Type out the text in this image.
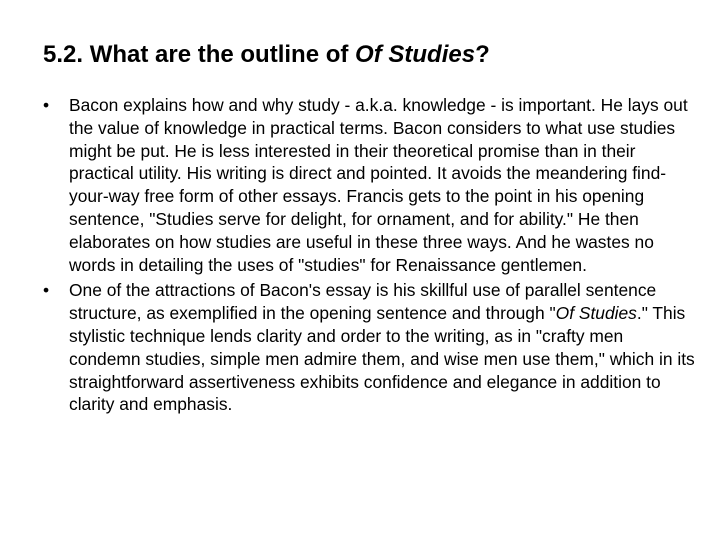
5.2. What are the outline of Of Studies?
•	Bacon explains how and why study - a.k.a. knowledge - is important. He lays out the value of knowledge in practical terms. Bacon considers to what use studies might be put. He is less interested in their theoretical promise than in their practical utility. His writing is direct and pointed. It avoids the meandering find-your-way free form of other essays. Francis gets to the point in his opening sentence, "Studies serve for delight, for ornament, and for ability." He then elaborates on how studies are useful in these three ways. And he wastes no words in detailing the uses of "studies" for Renaissance gentlemen.
•	One of the attractions of Bacon's essay is his skillful use of parallel sentence structure, as exemplified in the opening sentence and through "Of Studies." This stylistic technique lends clarity and order to the writing, as in "crafty men condemn studies, simple men admire them, and wise men use them," which in its straightforward assertiveness exhibits confidence and elegance in addition to clarity and emphasis.
